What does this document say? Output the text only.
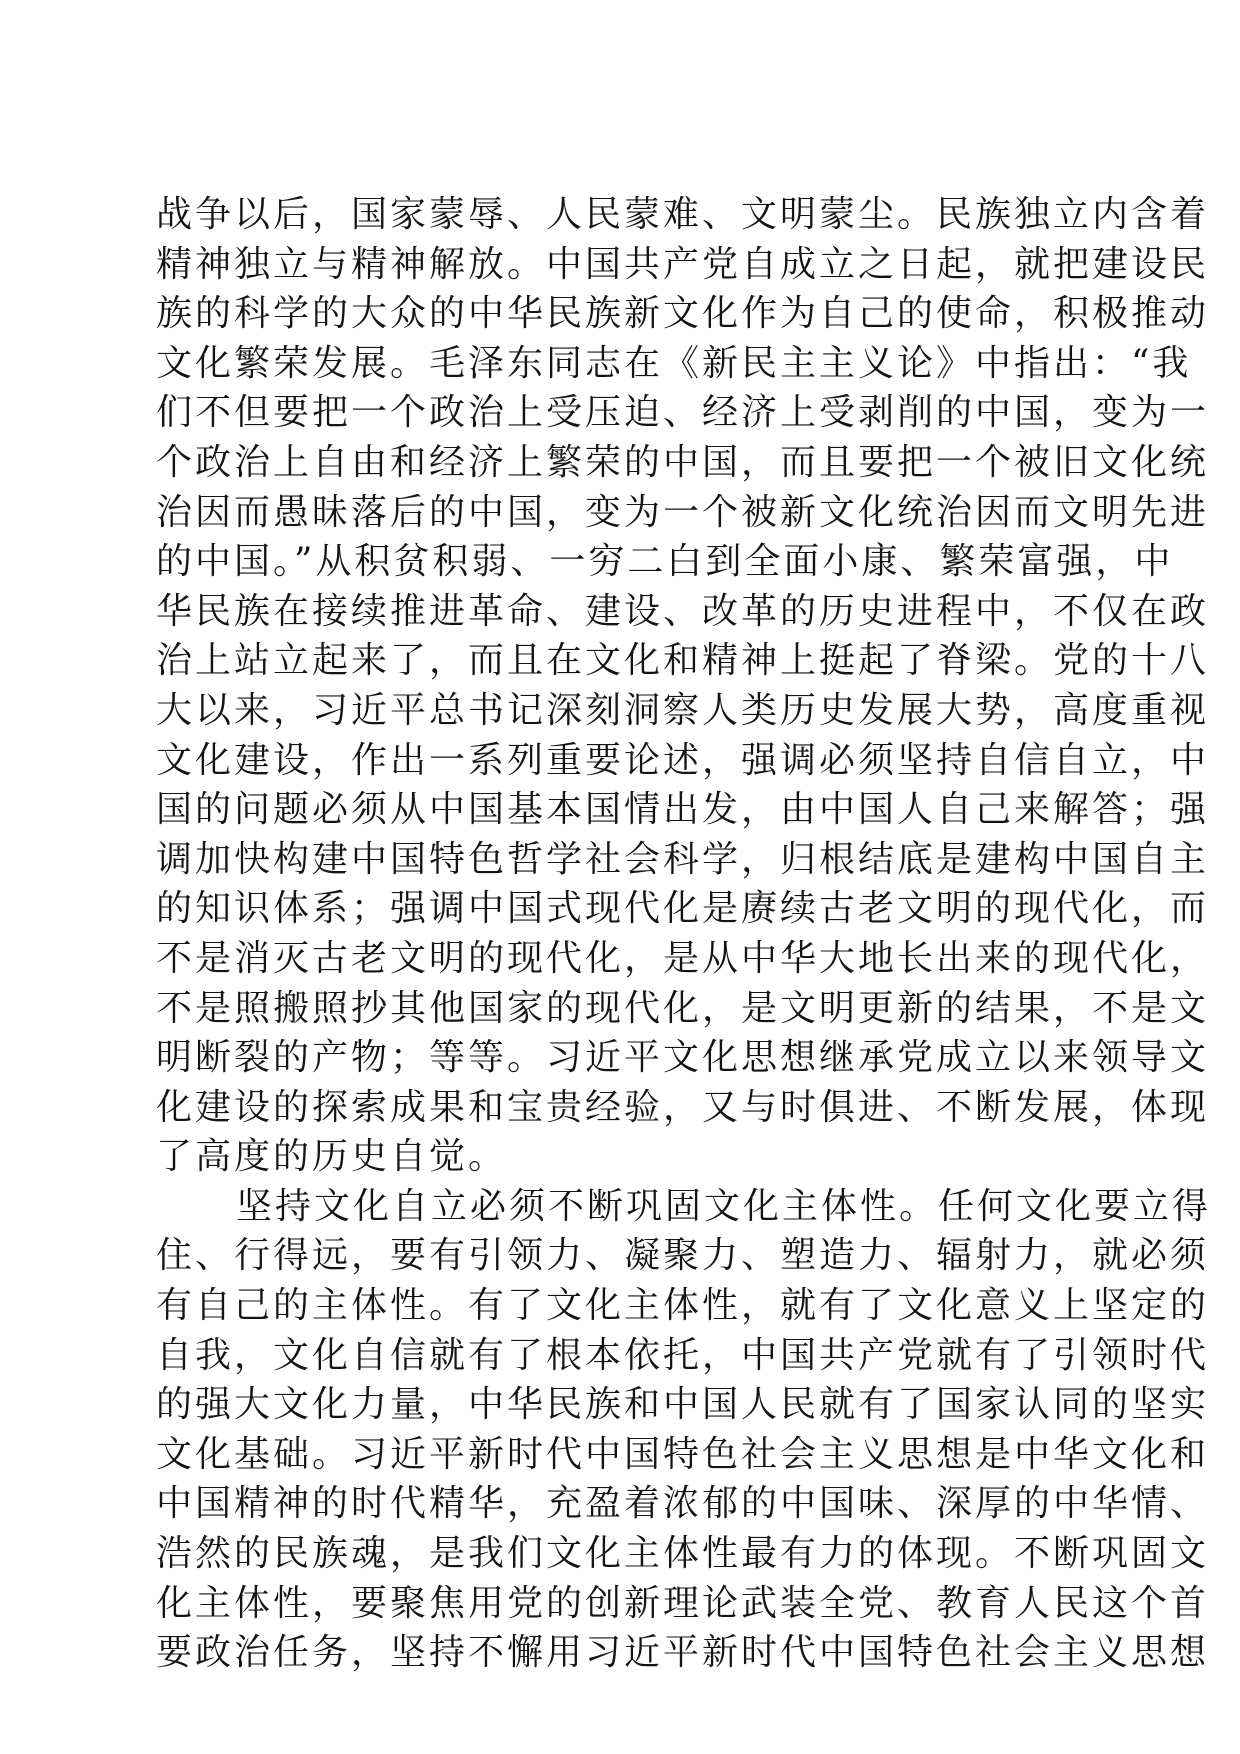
战争以后，国家蒙辱、人民蒙难、文明蒙尘。民族独立内含着
精神独立与精神解放。中国共产党自成立之日起，就把建设民
族的科学的大众的中华民族新文化作为自己的使命，积极推动
文化繁荣发展。毛泽东同志在《新民主主义论》中指出：“我
们不但要把一个政治上受压迫、经济上受剥削的中国，变为一
个政治上自由和经济上繁荣的中国，而且要把一个被旧文化统
治因而愚昧落后的中国，变为一个被新文化统治因而文明先进
的中国。”从积贫积弱、一穷二白到全面小康、繁荣富强，中
华民族在接续推进革命、建设、改革的历史进程中，不仅在政
治上站立起来了，而且在文化和精神上挺起了脊梁。党的十八
大以来，习近平总书记深刻洞察人类历史发展大势，高度重视
文化建设，作出一系列重要论述，强调必须坚持自信自立，中
国的问题必须从中国基本国情出发，由中国人自己来解答；强
调加快构建中国特色哲学社会科学，归根结底是建构中国自主
的知识体系；强调中国式现代化是赓续古老文明的现代化，而
不是消灭古老文明的现代化，是从中华大地长出来的现代化，
不是照搬照抄其他国家的现代化，是文明更新的结果，不是文
明断裂的产物；等等。习近平文化思想继承党成立以来领导文
化建设的探索成果和宝贵经验，又与时俱进、不断发展，体现
了高度的历史自觉。
坚持文化自立必须不断巩固文化主体性。任何文化要立得
住、行得远，要有引领力、凝聚力、塑造力、辐射力，就必须
有自己的主体性。有了文化主体性，就有了文化意义上坚定的
自我，文化自信就有了根本依托，中国共产党就有了引领时代
的强大文化力量，中华民族和中国人民就有了国家认同的坚实
文化基础。习近平新时代中国特色社会主义思想是中华文化和
中国精神的时代精华，充盈着浓郁的中国味、深厚的中华情、
浩然的民族魂，是我们文化主体性最有力的体现。不断巩固文
化主体性，要聚焦用党的创新理论武装全党、教育人民这个首
要政治任务，坚持不懈用习近平新时代中国特色社会主义思想
